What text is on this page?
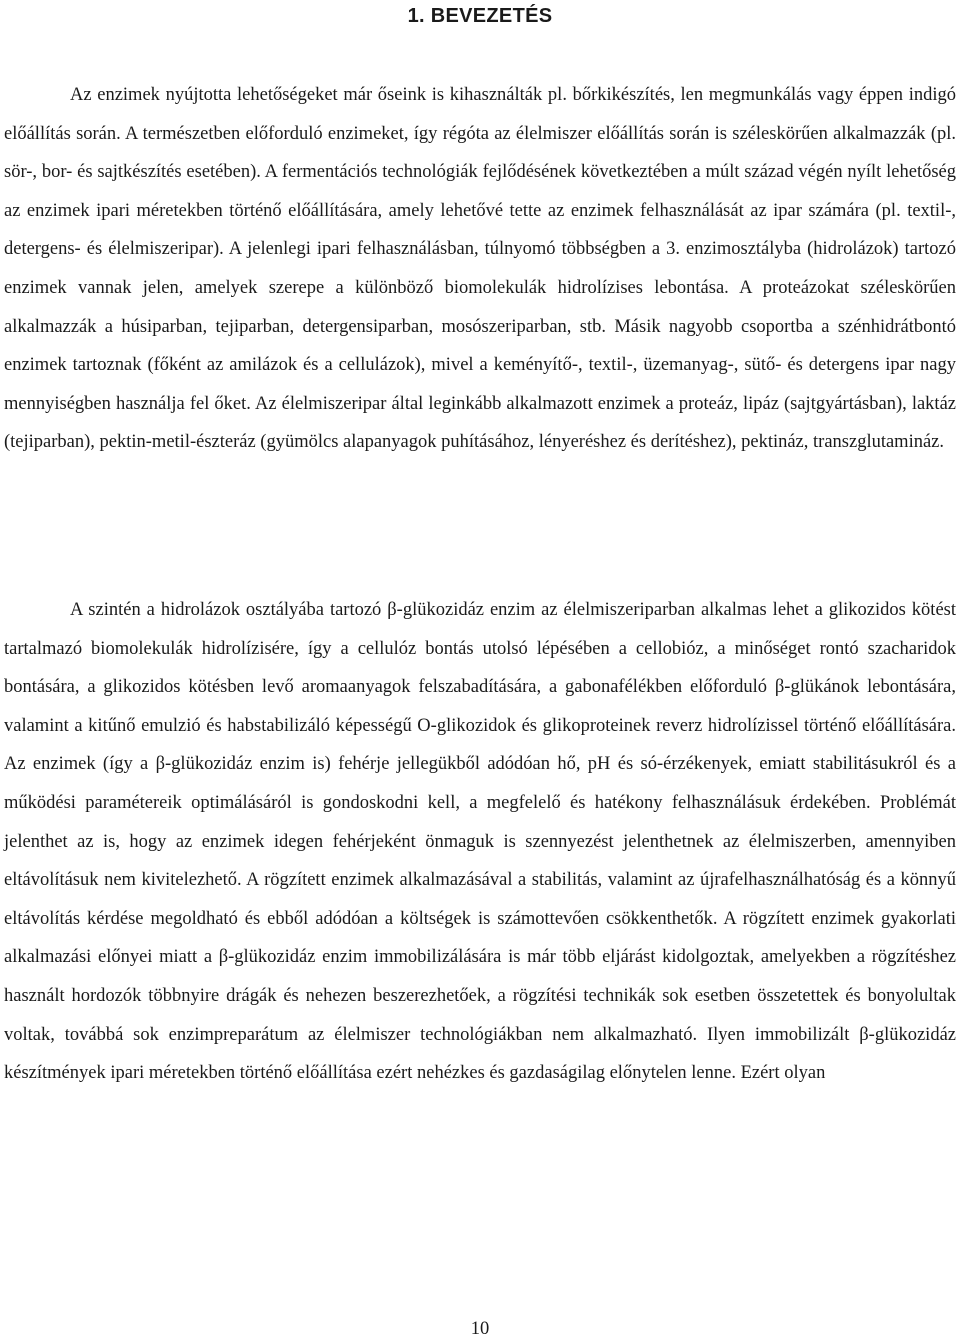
1. BEVEZETÉS

Az enzimek nyújtotta lehetőségeket már őseink is kihasználták pl. bőrkikészítés, len megmunkálás vagy éppen indigó előállítás során. A természetben előforduló enzimeket, így régóta az élelmiszer előállítás során is széleskörűen alkalmazzák (pl. sör-, bor- és sajtkészítés esetében). A fermentációs technológiák fejlődésének következtében a múlt század végén nyílt lehetőség az enzimek ipari méretekben történő előállítására, amely lehetővé tette az enzimek felhasználását az ipar számára (pl. textil-, detergens- és élelmiszeripar). A jelenlegi ipari felhasználásban, túlnyomó többségben a 3. enzimosztályba (hidrolázok) tartozó enzimek vannak jelen, amelyek szerepe a különböző biomolekulák hidrolízises lebontása. A proteázokat széleskörűen alkalmazzák a húsiparban, tejiparban, detergensiparban, mosószeriparban, stb. Másik nagyobb csoportba a szénhidrátbontó enzimek tartoznak (főként az amilázok és a cellulázok), mivel a keményítő-, textil-, üzemanyag-, sütő- és detergens ipar nagy mennyiségben használja fel őket. Az élelmiszeripar által leginkább alkalmazott enzimek a proteáz, lipáz (sajtgyártásban), laktáz (tejiparban), pektin-metil-észteráz (gyümölcs alapanyagok puhításához, lényeréshez és derítéshez), pektináz, transzglutamináz.

A szintén a hidrolázok osztályába tartozó β-glükozidáz enzim az élelmiszeriparban alkalmas lehet a glikozidos kötést tartalmazó biomolekulák hidrolízisére, így a cellulóz bontás utolsó lépésében a cellobióz, a minőséget rontó szacharidok bontására, a glikozidos kötésben levő aromaanyagok felszabadítására, a gabonafélékben előforduló β-glükánok lebontására, valamint a kitűnő emulzió és habstabilizáló képességű O-glikozidok és glikoproteinek reverz hidrolízissel történő előállítására. Az enzimek (így a β-glükozidáz enzim is) fehérje jellegükből adódóan hő, pH és só-érzékenyek, emiatt stabilitásukról és a működési paramétereik optimálásáról is gondoskodni kell, a megfelelő és hatékony felhasználásuk érdekében. Problémát jelenthet az is, hogy az enzimek idegen fehérjeként önmaguk is szennyezést jelenthetnek az élelmiszerben, amennyiben eltávolításuk nem kivitelezhető. A rögzített enzimek alkalmazásával a stabilitás, valamint az újrafelhasználhatóság és a könnyű eltávolítás kérdése megoldható és ebből adódóan a költségek is számottevően csökkenthetők. A rögzített enzimek gyakorlati alkalmazási előnyei miatt a β-glükozidáz enzim immobilizálására is már több eljárást kidolgoztak, amelyekben a rögzítéshez használt hordozók többnyire drágák és nehezen beszerezhetőek, a rögzítési technikák sok esetben összetettek és bonyolultak voltak, továbbá sok enzimpreparátum az élelmiszer technológiákban nem alkalmazható. Ilyen immobilizált β-glükozidáz készítmények ipari méretekben történő előállítása ezért nehézkes és gazdaságilag előnytelen lenne. Ezért olyan

10
